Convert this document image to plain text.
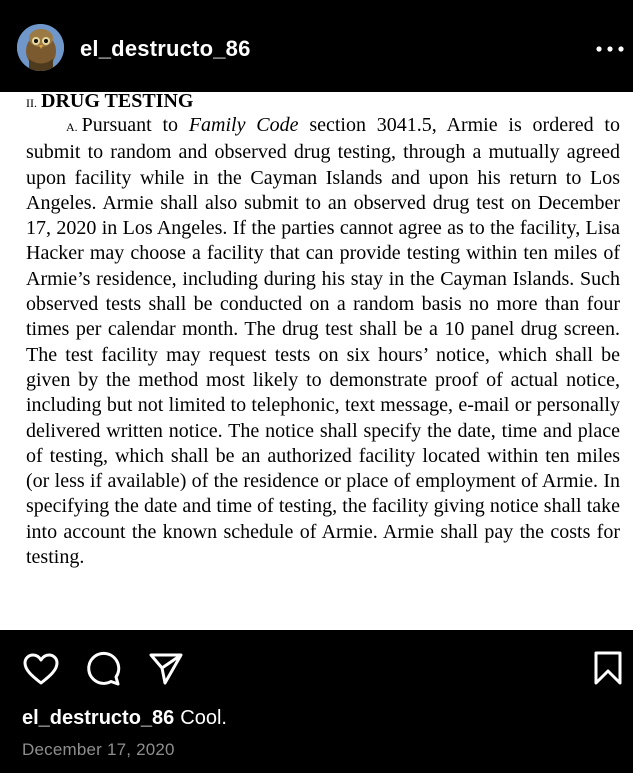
el_destructo_86
II. DRUG TESTING
A. Pursuant to Family Code section 3041.5, Armie is ordered to submit to random and observed drug testing, through a mutually agreed upon facility while in the Cayman Islands and upon his return to Los Angeles. Armie shall also submit to an observed drug test on December 17, 2020 in Los Angeles. If the parties cannot agree as to the facility, Lisa Hacker may choose a facility that can provide testing within ten miles of Armie’s residence, including during his stay in the Cayman Islands. Such observed tests shall be conducted on a random basis no more than four times per calendar month. The drug test shall be a 10 panel drug screen. The test facility may request tests on six hours’ notice, which shall be given by the method most likely to demonstrate proof of actual notice, including but not limited to telephonic, text message, e-mail or personally delivered written notice. The notice shall specify the date, time and place of testing, which shall be an authorized facility located within ten miles (or less if available) of the residence or place of employment of Armie. In specifying the date and time of testing, the facility giving notice shall take into account the known schedule of Armie. Armie shall pay the costs for testing.
el_destructo_86 Cool.
December 17, 2020
